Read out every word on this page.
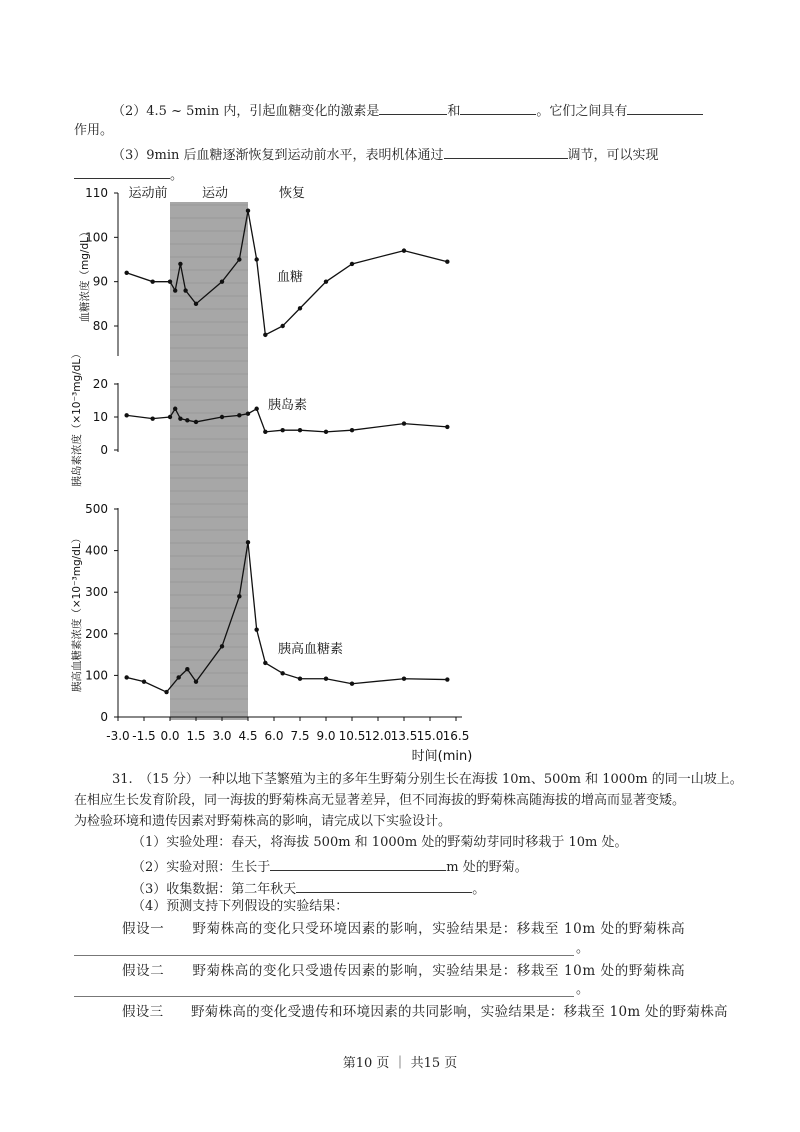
（2）4.5 ~ 5min 内，引起血糖变化的激素是	和	。它们之间具有
作用。
（3）9min 后血糖逐渐恢复到运动前水平，表明机体通过	调节，可以实现
。
运动前	运动	恢复
80
90
100
110
血糖浓度（mg/dL）
0
10
20
胰岛素浓度（×10⁻³mg/dL）
0
100
200
300
400
500
胰高血糖素浓度（×10⁻³mg/dL）
血糖
胰岛素
胰高血糖素
-3.0 -1.5 0.0 1.5 3.0 4.5 6.0 7.5 9.0 10.5 12.0 13.5 15.0 16.5
时间(min)
31.　（15 分）一种以地下茎繁殖为主的多年生野菊分别生长在海拔 10m、500m 和 1000m 的同一山坡上。
在相应生长发育阶段，同一海拔的野菊株高无显著差异，但不同海拔的野菊株高随海拔的增高而显著变矮。
为检验环境和遗传因素对野菊株高的影响，请完成以下实验设计。
（1）实验处理：春天，将海拔 500m 和 1000m 处的野菊幼芽同时移栽于 10m 处。
（2）实验对照：生长于	m 处的野菊。
（3）收集数据：第二年秋天	。
（4）预测支持下列假设的实验结果：
假设一　　野菊株高的变化只受环境因素的影响，实验结果是：移栽至 10m 处的野菊株高
。
假设二　　野菊株高的变化只受遗传因素的影响，实验结果是：移栽至 10m 处的野菊株高
。
假设三　　野菊株高的变化受遗传和环境因素的共同影响，实验结果是：移栽至 10m 处的野菊株高
第10 页 ｜ 共15 页
